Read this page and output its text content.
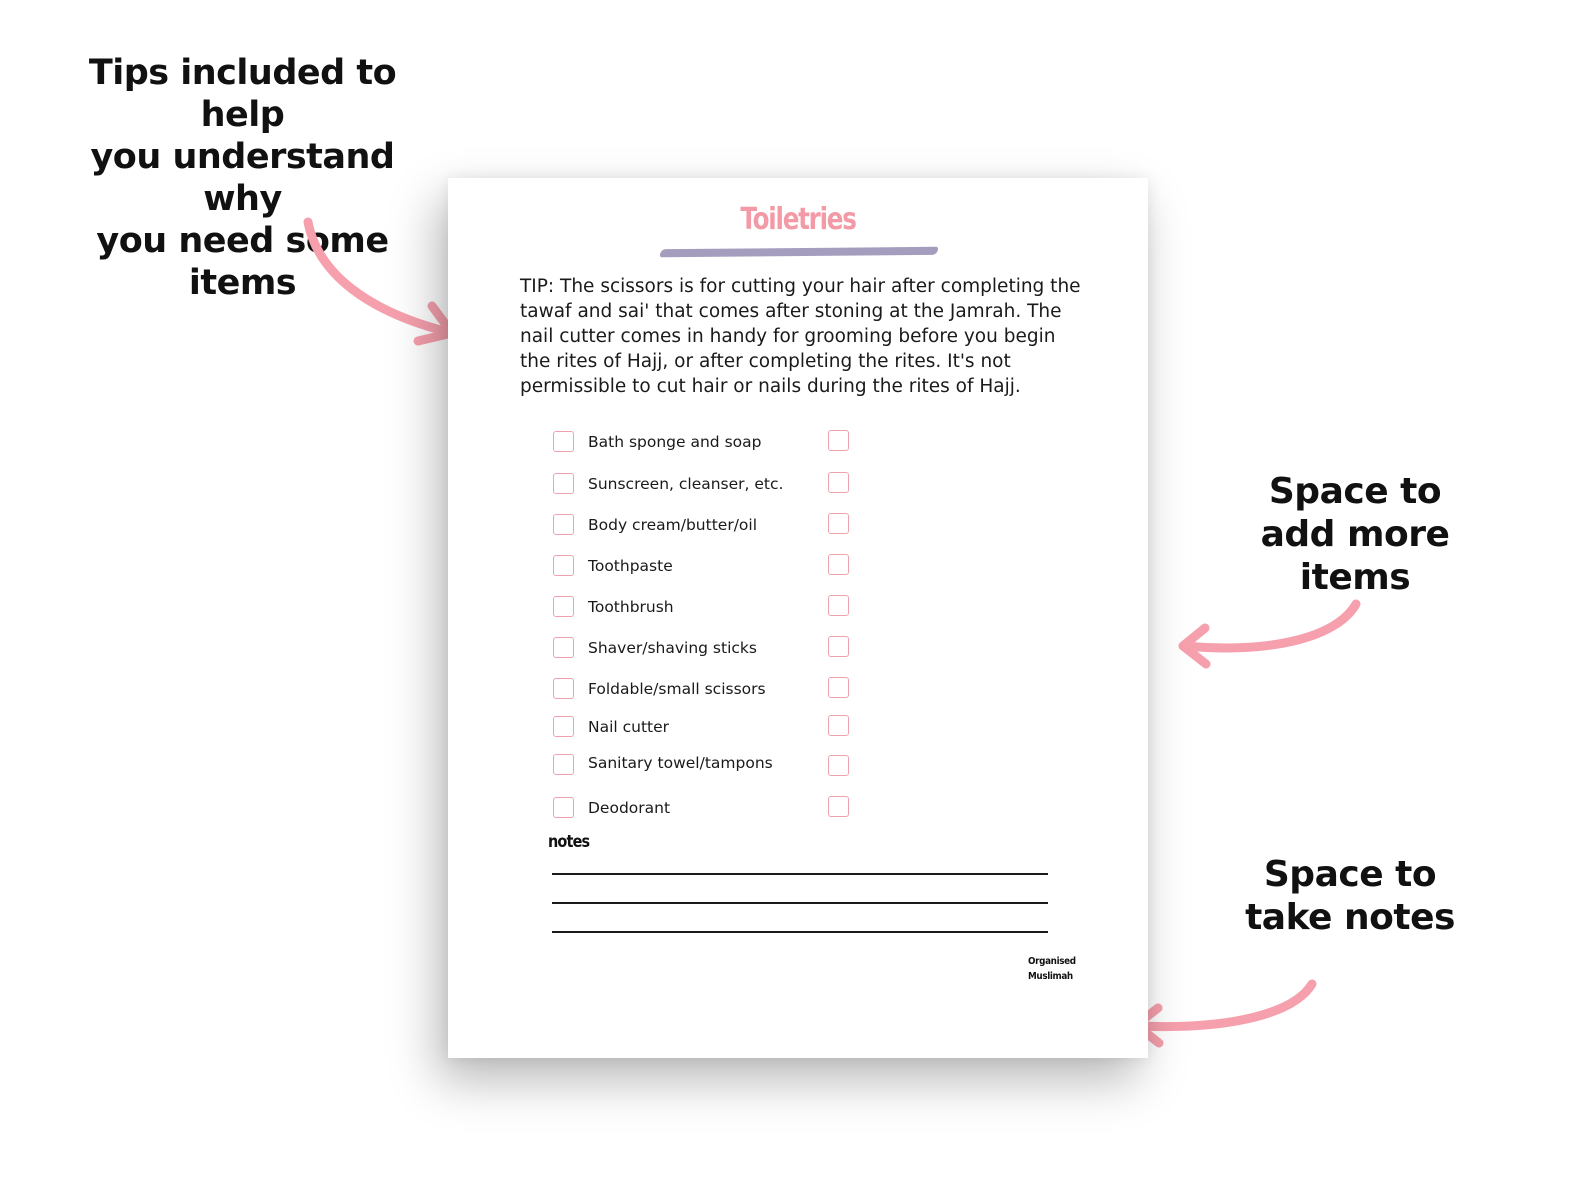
Tips included to help
you understand why
you need some items
Space to
add more items
Space to
take notes
Toiletries
TIP: The scissors is for cutting your hair after completing the tawaf and sai' that comes after stoning at the Jamrah. The nail cutter comes in handy for grooming before you begin the rites of Hajj, or after completing the rites. It's not permissible to cut hair or nails during the rites of Hajj.
Bath sponge and soap
Sunscreen, cleanser, etc.
Body cream/butter/oil
Toothpaste
Toothbrush
Shaver/shaving sticks
Foldable/small scissors
Nail cutter
Sanitary towel/tampons
Deodorant
notes
Organised
Muslimah
